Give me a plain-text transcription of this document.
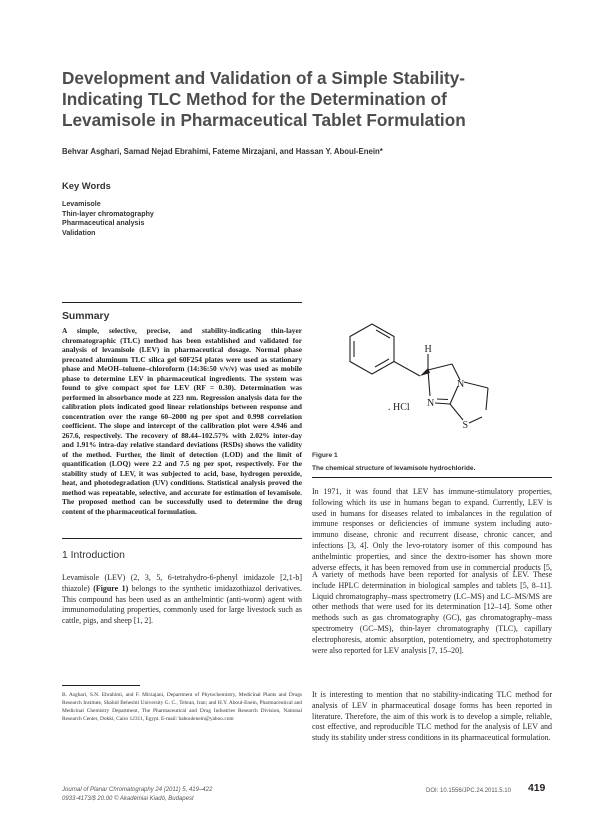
Development and Validation of a Simple Stability-Indicating TLC Method for the Determination of Levamisole in Pharmaceutical Tablet Formulation
Behvar Asghari, Samad Nejad Ebrahimi, Fateme Mirzajani, and Hassan Y. Aboul-Enein*
Key Words
Levamisole
Thin-layer chromatography
Pharmaceutical analysis
Validation
Summary
A simple, selective, precise, and stability-indicating thin-layer chromatographic (TLC) method has been established and validated for analysis of levamisole (LEV) in pharmaceutical dosage. Normal phase precoated aluminum TLC silica gel 60F254 plates were used as stationary phase and MeOH–toluene–chloroform (14:36:50 v/v/v) was used as mobile phase to determine LEV in pharmaceutical ingredients. The system was found to give compact spot for LEV (RF = 0.30). Determination was performed in absorbance mode at 223 nm. Regression analysis data for the calibration plots indicated good linear relationships between response and concentration over the range 60–2000 ng per spot and 0.998 correlation coefficient. The slope and intercept of the calibration plot were 4.946 and 267.6, respectively. The recovery of 88.44–102.57% with 2.02% inter-day and 1.91% intra-day relative standard deviations (RSDs) shows the validity of the method. Further, the limit of detection (LOD) and the limit of quantification (LOQ) were 2.2 and 7.5 ng per spot, respectively. For the stability study of LEV, it was subjected to acid, base, hydrogen peroxide, heat, and photodegradation (UV) conditions. Statistical analysis proved the method was repeatable, selective, and accurate for estimation of levamisole. The proposed method can be successfully used to determine the drug content of the pharmaceutical formulation.
1 Introduction
Levamisole (LEV) (2, 3, 5, 6-tetrahydro-6-phenyl imidazole [2,1-b] thiazole) (Figure 1) belongs to the synthetic imidazothiazol derivatives. This compound has been used as an anthelmintic (anti-worm) agent with immunomodulating properties, commonly used for large livestock such as cattle, pigs, and sheep [1, 2].
B. Asghari, S.N. Ebrahimi, and F. Mirzajani, Department of Phytochemistry, Medicinal Plants and Drugs Research Institute, Shahid Beheshti University G. C., Tehran, Iran; and H.Y. Aboul-Enein, Pharmaceutical and Medicinal Chemistry Department, The Pharmaceutical and Drug Industries Research Division, National Research Center, Dokki, Cairo 12311, Egypt. E-mail: haboulenein@yahoo.com
Journal of Planar Chromatography 24 (2011) 5, 419–422
0933-4173/$ 20.00 © Akadémiai Kiadó, Budapest
DOI: 10.1556/JPC.24.2011.5.10 419
H
N
N
S
. HCl
Figure 1
The chemical structure of levamisole hydrochloride.
In 1971, it was found that LEV has immune-stimulatory properties, following which its use in humans began to expand. Currently, LEV is used in humans for diseases related to imbalances in the regulation of immune responses or deficiencies of immune system including auto-immuno disease, chronic and recurrent disease, chronic cancer, and infections [3, 4]. Only the levo-rotatory isomer of this compound has anthelmintic properties, and since the dextro-isomer has shown more adverse effects, it has been removed from use in commercial products [5,
A variety of methods have been reported for analysis of LEV. These include HPLC determination in biological samples and tablets [5, 8–11]. Liquid chromatography–mass spectrometry (LC–MS) and LC–MS/MS are other methods that were used for its determination [12–14]. Some other methods such as gas chromatography (GC), gas chromatography–mass spectrometry (GC–MS), thin-layer chromatography (TLC), capillary electrophoresis, atomic absorption, potentiometry, and spectrophotometry were also reported for LEV analysis [7, 15–20].
It is interesting to mention that no stability-indicating TLC method for analysis of LEV in pharmaceutical dosage forms has been reported in literature. Therefore, the aim of this work is to develop a simple, reliable, cost effective, and reproducible TLC method for the analysis of LEV and study its stability under stress conditions in its pharmaceutical formulation.
